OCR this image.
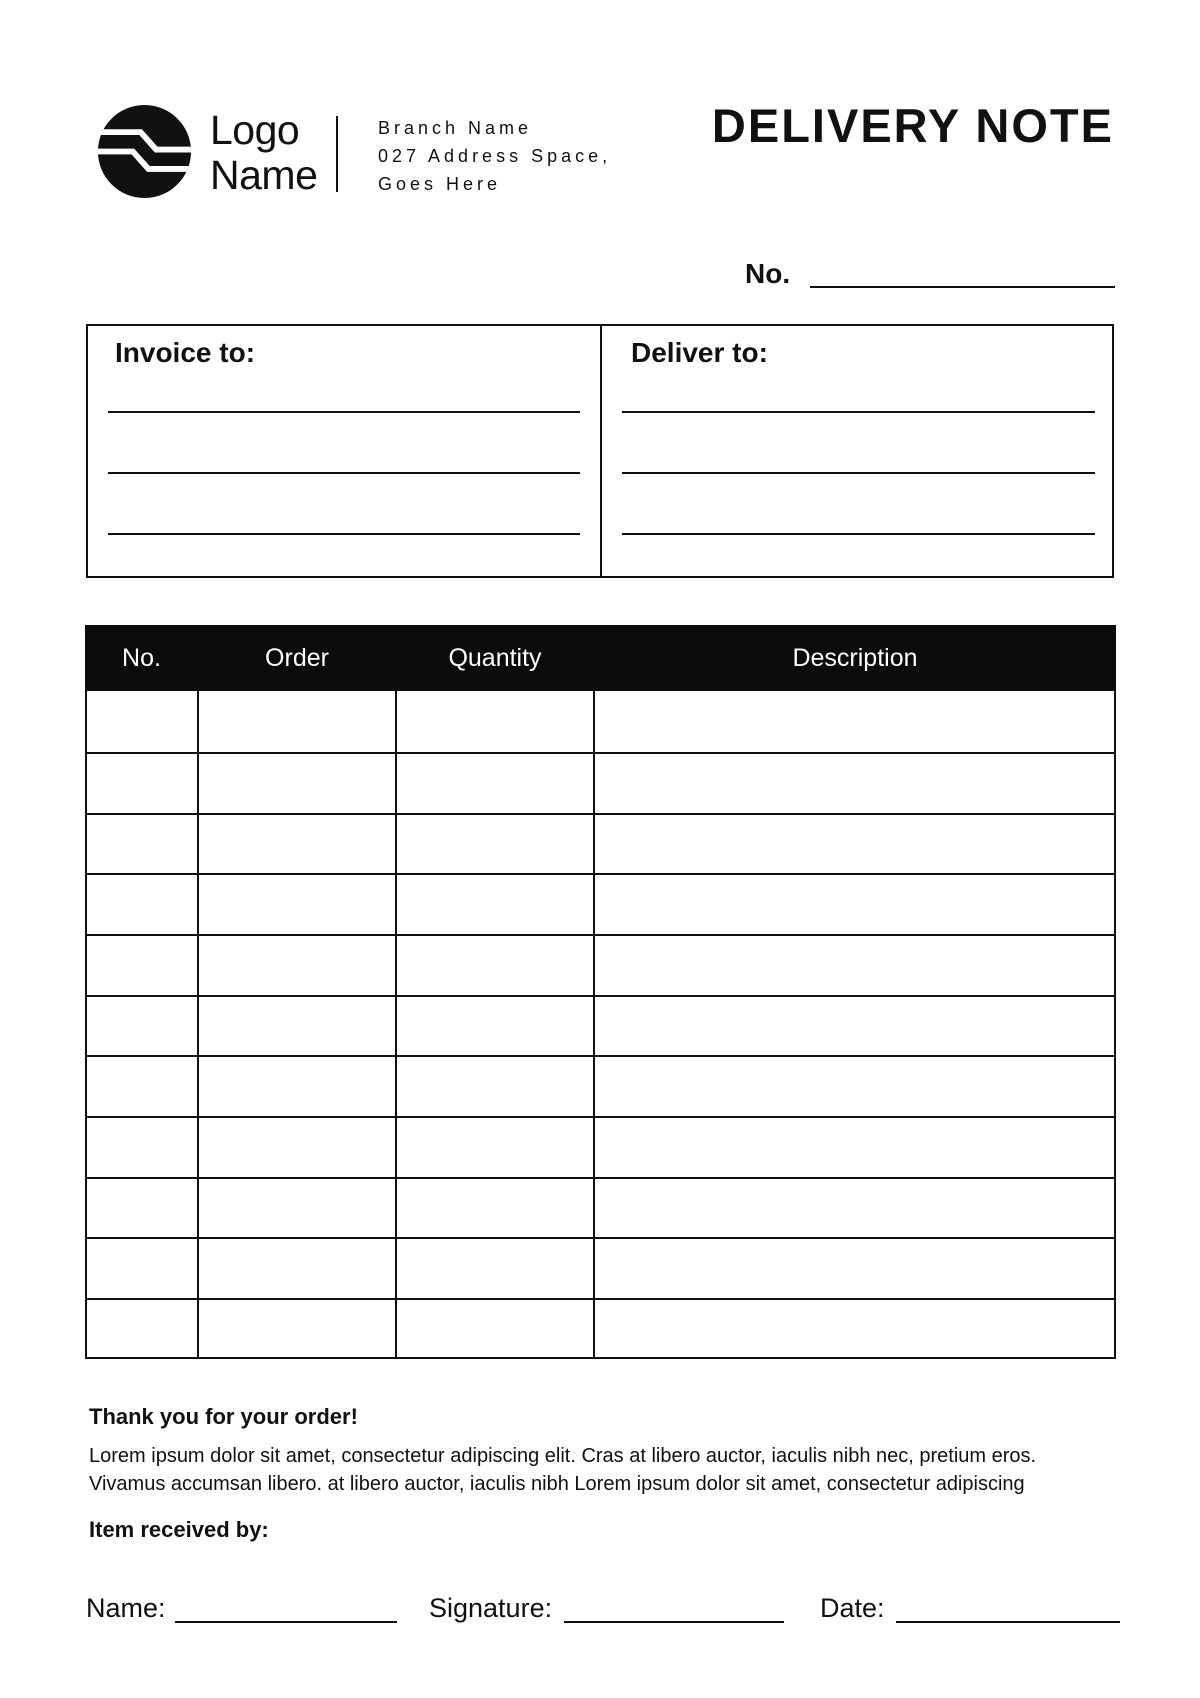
Logo
Name
Branch Name
027 Address Space,
Goes Here
DELIVERY NOTE
No.
Invoice to:	Deliver to:
No.	Order	Quantity	Description
Thank you for your order!
Lorem ipsum dolor sit amet, consectetur adipiscing elit. Cras at libero auctor, iaculis nibh nec, pretium eros.
Vivamus accumsan libero. at libero auctor, iaculis nibh Lorem ipsum dolor sit amet, consectetur adipiscing
Item received by:
Name:	Signature:	Date:
